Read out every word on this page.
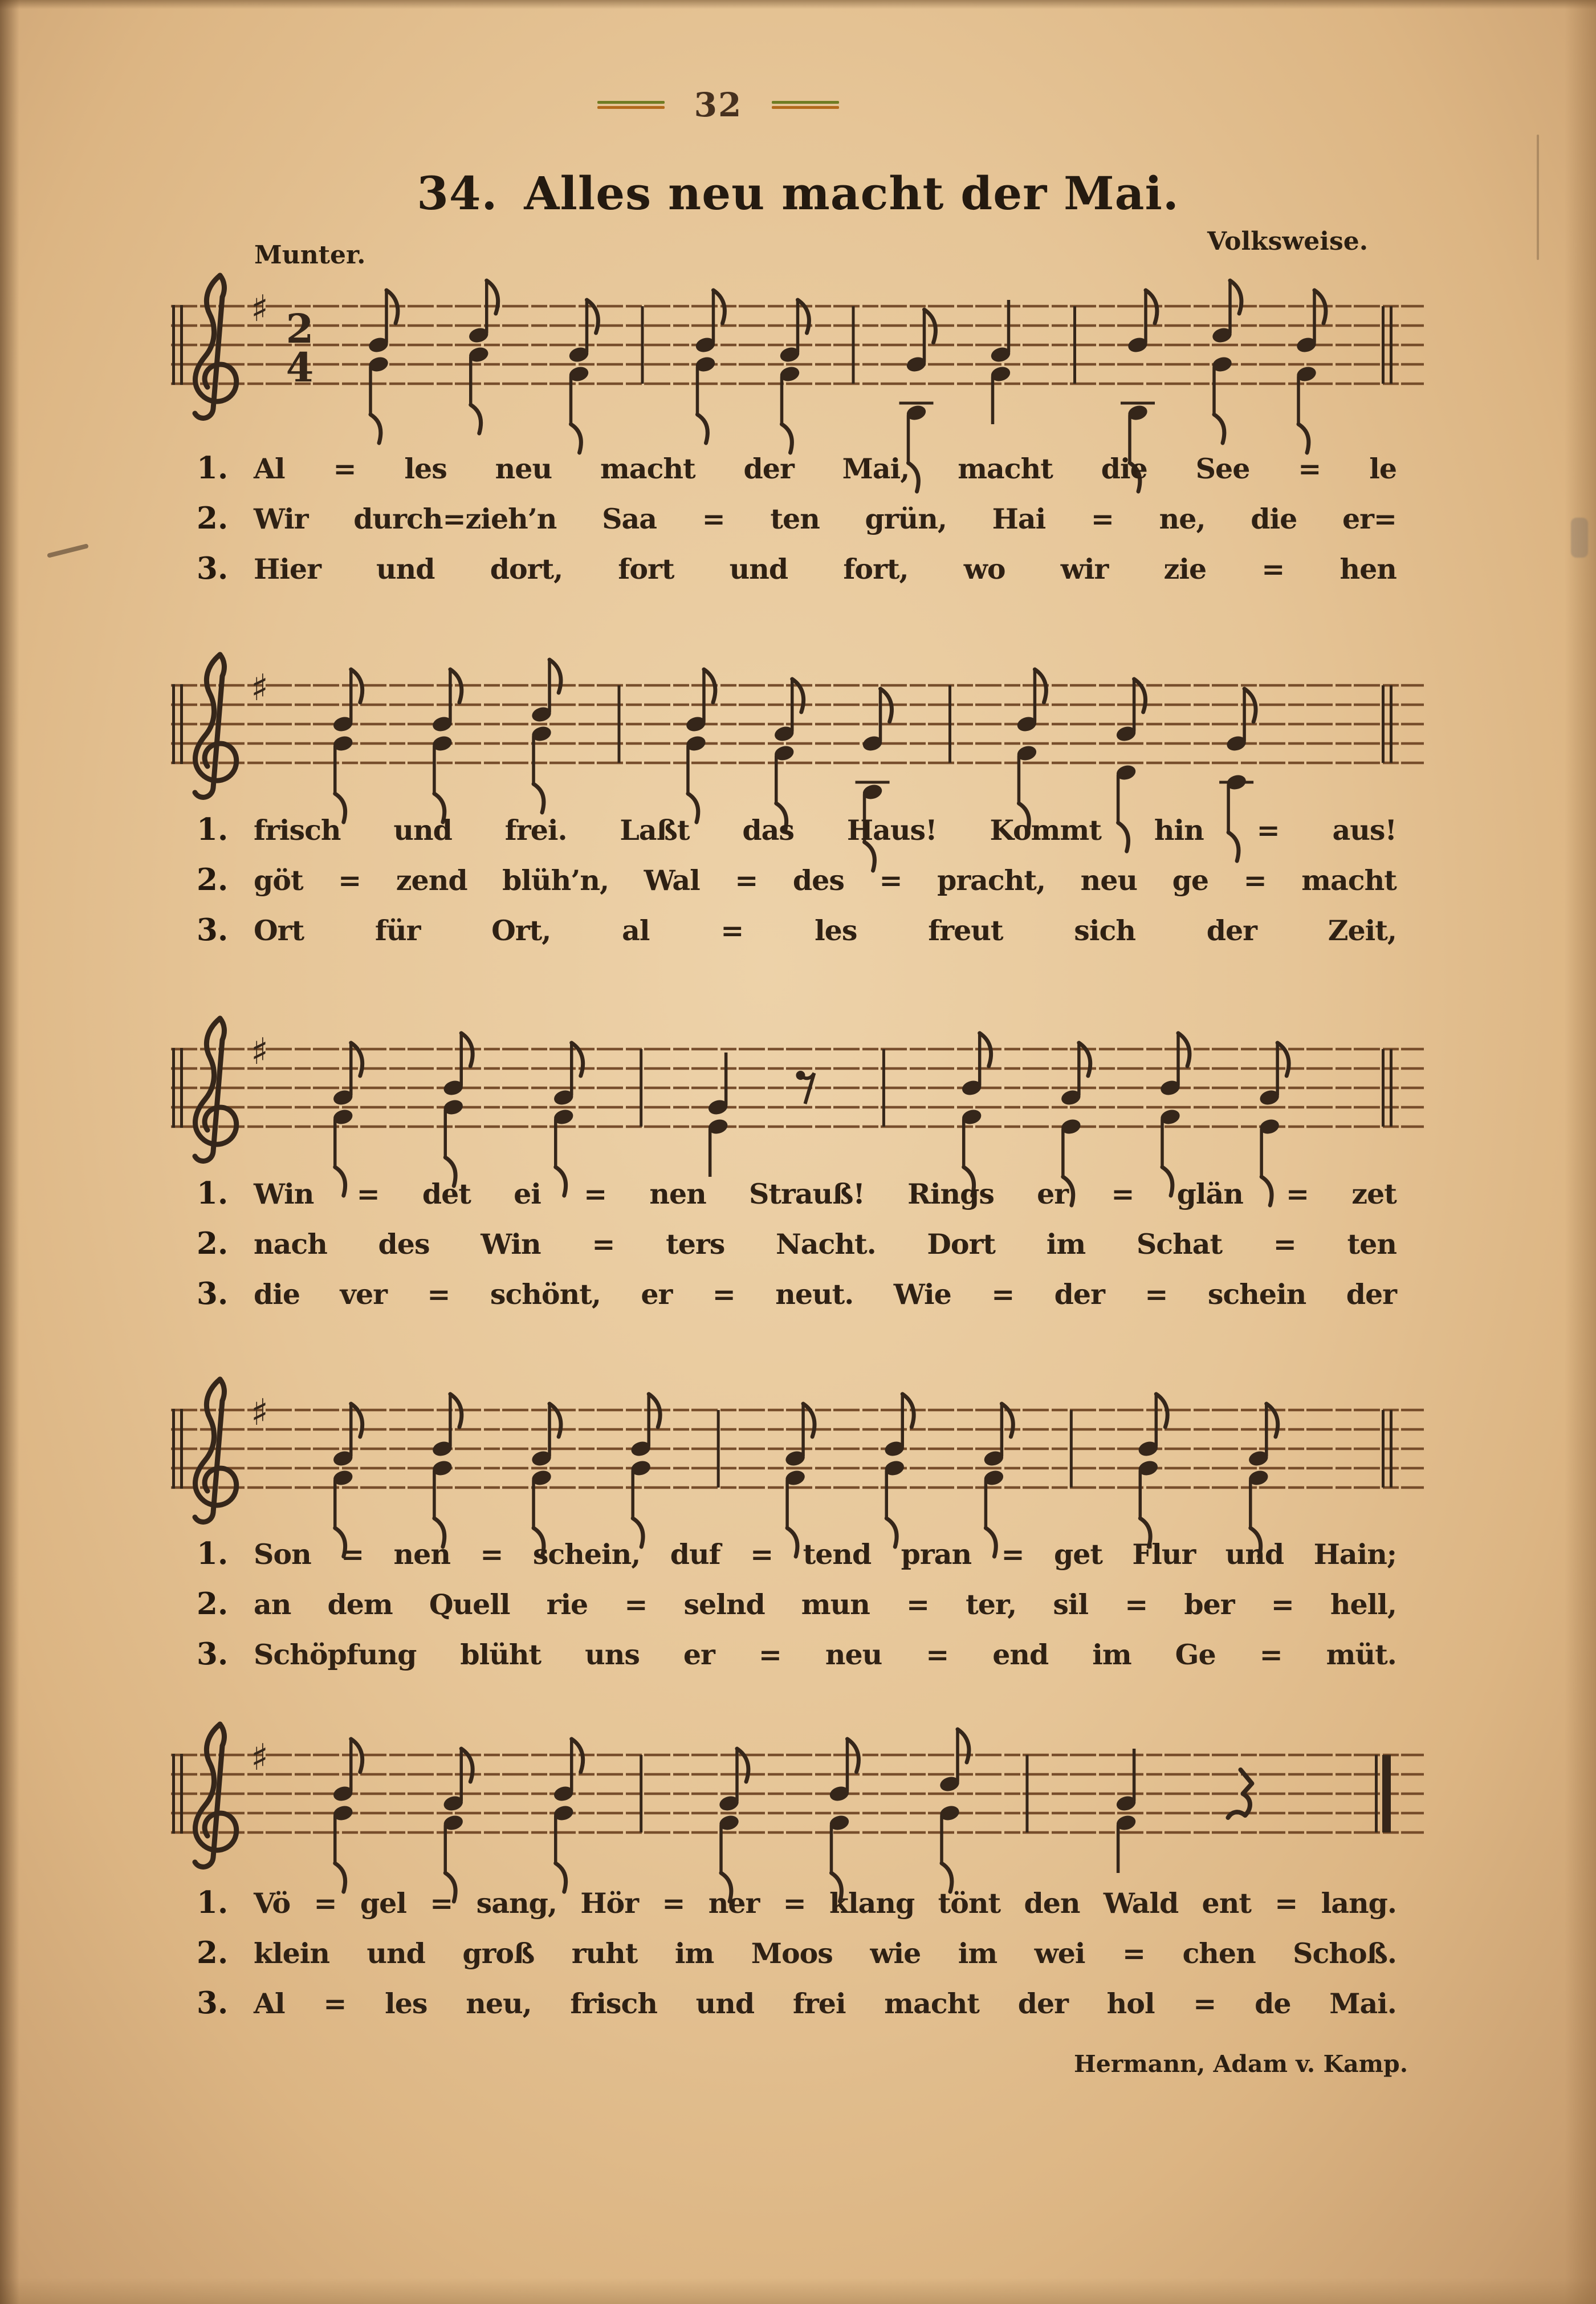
32
34. Alles neu macht der Mai.
Munter.	Volksweise.
♯ 2
4
♯
♯
♯
♯
1. Al = les neu macht der Mai, macht die See = le
2. Wir durch=zieh’n Saa = ten grün, Hai = ne, die er=
3. Hier und dort, fort und fort, wo wir zie = hen
1. frisch und frei. Laßt das Haus! Kommt hin = aus!
2. göt = zend blüh’n, Wal = des = pracht, neu ge = macht
3. Ort	für	Ort,	al	=	les	freut	sich	der	Zeit,
1. Win = det ei = nen Strauß! Rings er = glän = zet
2. nach des Win = ters Nacht. Dort im Schat = ten
3. die ver = schönt, er = neut. Wie = der = schein der
1. Son = nen = schein, duf = tend pran = get Flur und Hain;
2. an dem Quell rie = selnd mun = ter, sil = ber = hell,
3. Schöpfung blüht uns er = neu = end im Ge = müt.
1. Vö = gel = sang, Hör = ner = klang tönt den Wald ent = lang.
2. klein und groß ruht im Moos wie im wei = chen Schoß.
3. Al = les neu, frisch und frei macht der hol = de Mai.
Hermann, Adam v. Kamp.
